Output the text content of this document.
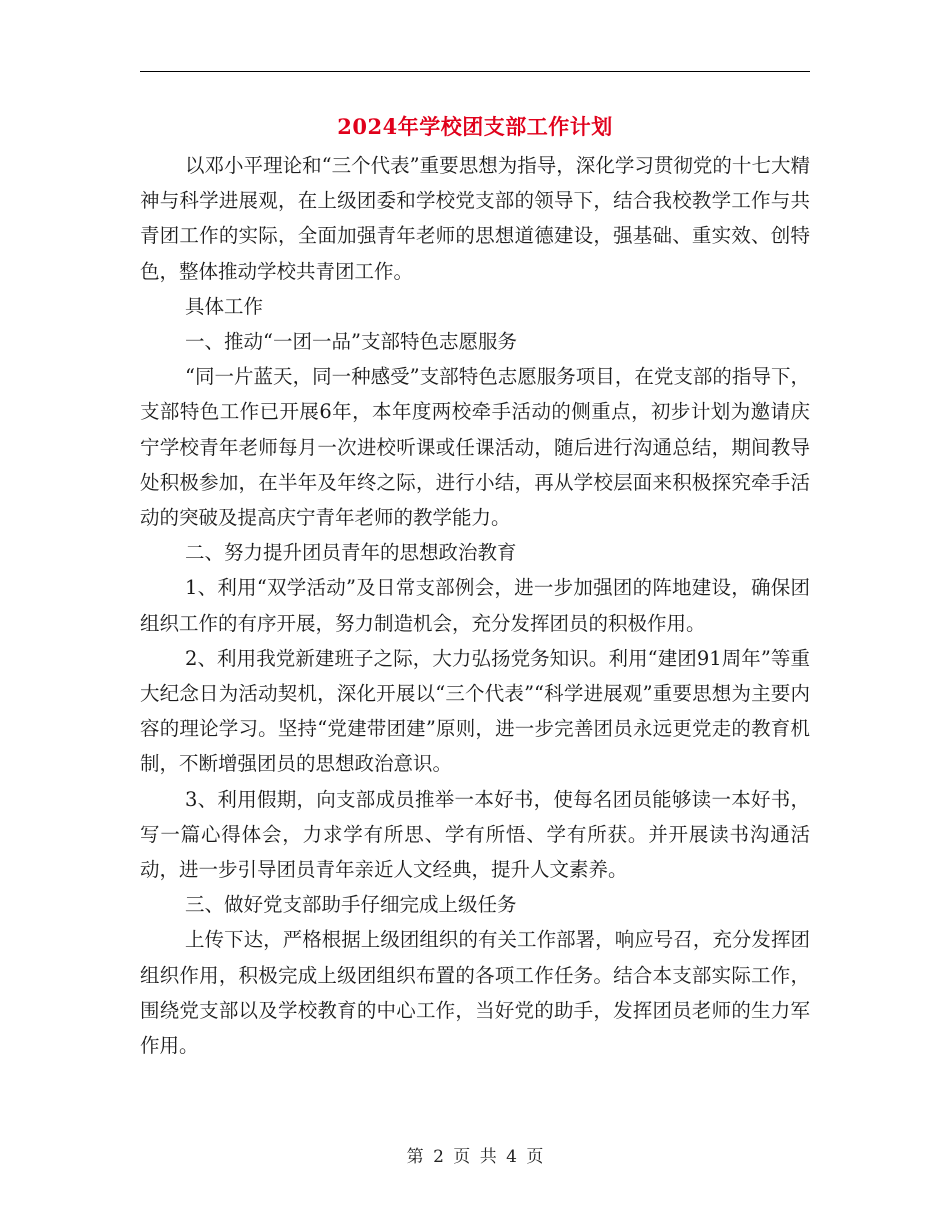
2024年学校团支部工作计划

以邓小平理论和“三个代表”重要思想为指导，深化学习贯彻党的十七大精神与科学进展观，在上级团委和学校党支部的领导下，结合我校教学工作与共青团工作的实际，全面加强青年老师的思想道德建设，强基础、重实效、创特色，整体推动学校共青团工作。

具体工作

一、推动“一团一品”支部特色志愿服务

“同一片蓝天，同一种感受”支部特色志愿服务项目，在党支部的指导下，支部特色工作已开展6年，本年度两校牵手活动的侧重点，初步计划为邀请庆宁学校青年老师每月一次进校听课或任课活动，随后进行沟通总结，期间教导处积极参加，在半年及年终之际，进行小结，再从学校层面来积极探究牵手活动的突破及提高庆宁青年老师的教学能力。

二、努力提升团员青年的思想政治教育

1、利用“双学活动”及日常支部例会，进一步加强团的阵地建设，确保团组织工作的有序开展，努力制造机会，充分发挥团员的积极作用。

2、利用我党新建班子之际，大力弘扬党务知识。利用“建团91周年”等重大纪念日为活动契机，深化开展以“三个代表”“科学进展观”重要思想为主要内容的理论学习。坚持“党建带团建”原则，进一步完善团员永远更党走的教育机制，不断增强团员的思想政治意识。

3、利用假期，向支部成员推举一本好书，使每名团员能够读一本好书，写一篇心得体会，力求学有所思、学有所悟、学有所获。并开展读书沟通活动，进一步引导团员青年亲近人文经典，提升人文素养。

三、做好党支部助手仔细完成上级任务

上传下达，严格根据上级团组织的有关工作部署，响应号召，充分发挥团组织作用，积极完成上级团组织布置的各项工作任务。结合本支部实际工作，围绕党支部以及学校教育的中心工作，当好党的助手，发挥团员老师的生力军作用。

第 2 页 共 4 页
